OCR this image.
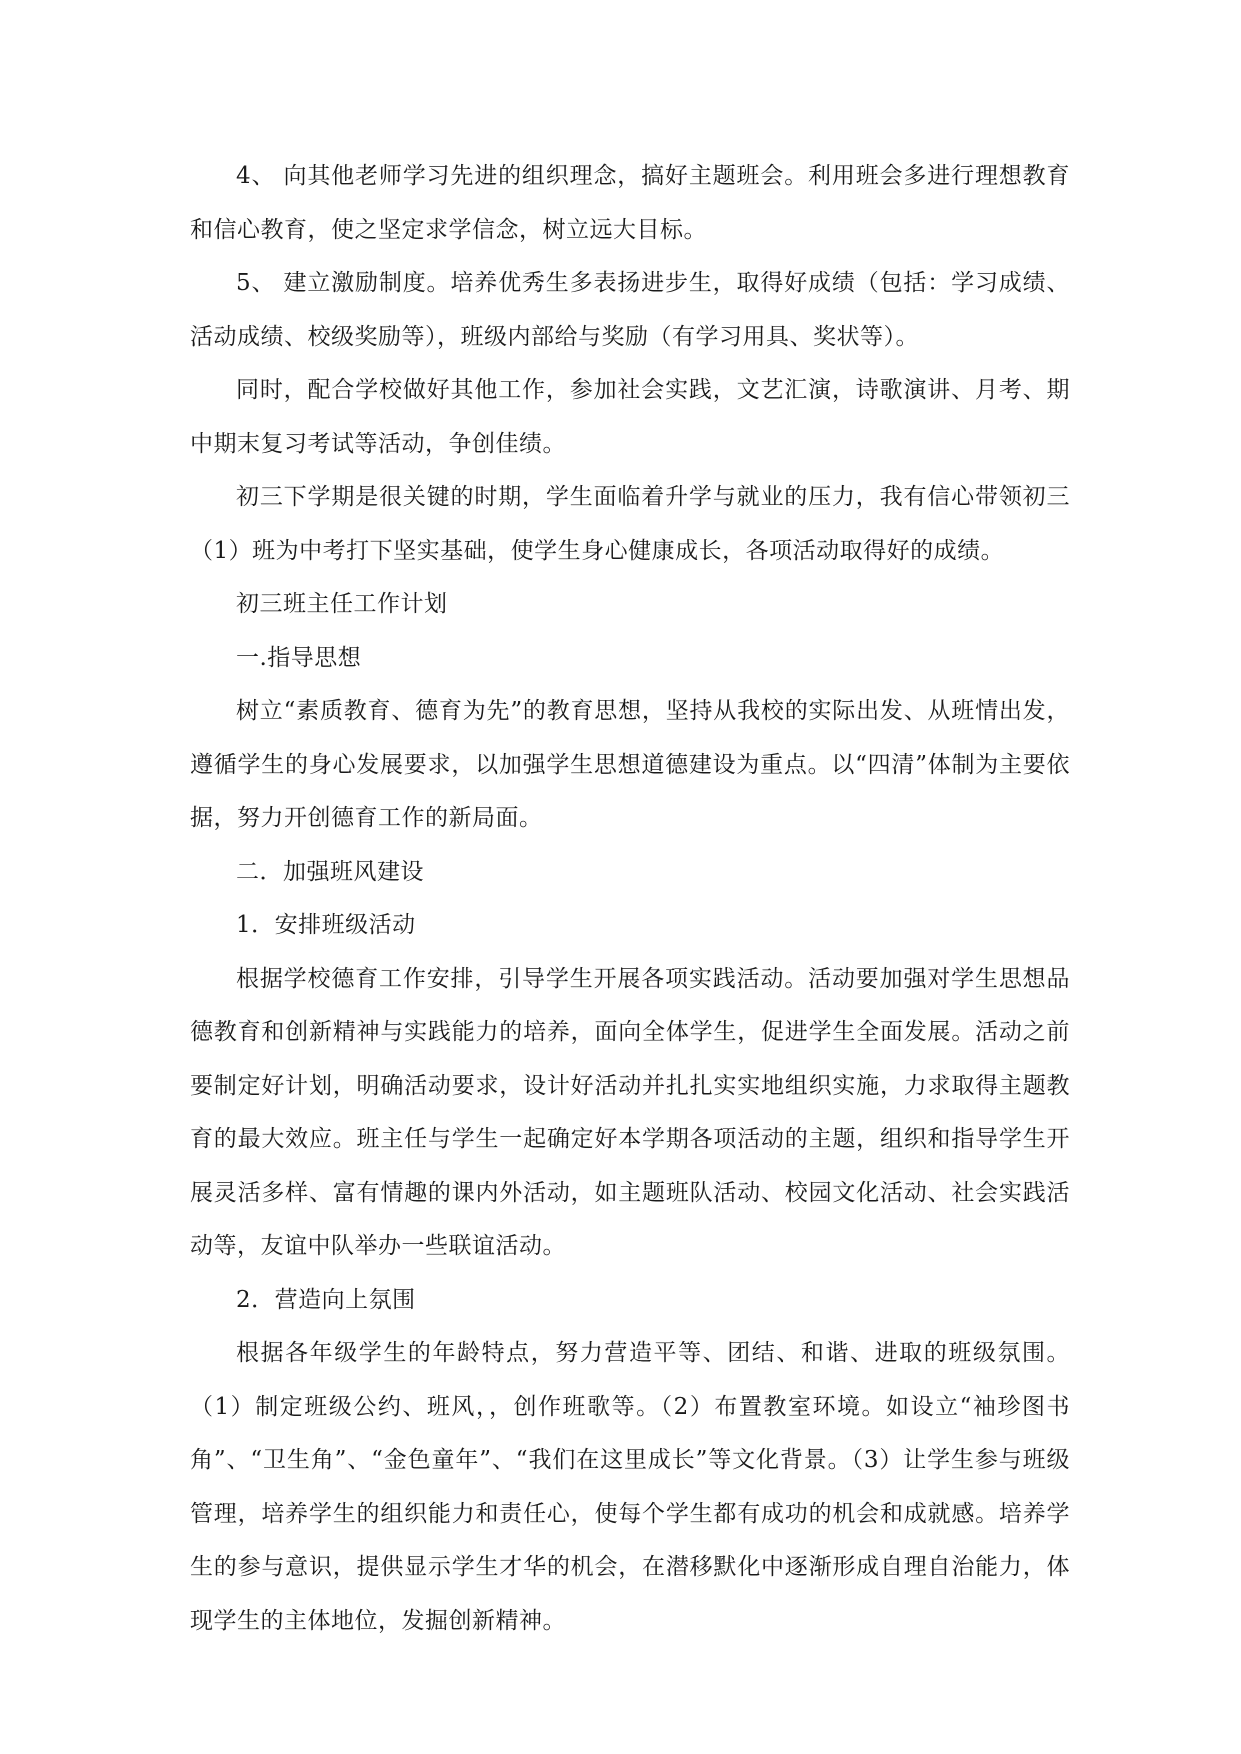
4、 向其他老师学习先进的组织理念，搞好主题班会。利用班会多进行理想教育和信心教育，使之坚定求学信念，树立远大目标。

5、 建立激励制度。培养优秀生多表扬进步生，取得好成绩（包括：学习成绩、活动成绩、校级奖励等），班级内部给与奖励（有学习用具、奖状等）。

同时，配合学校做好其他工作，参加社会实践，文艺汇演，诗歌演讲、月考、期中期末复习考试等活动，争创佳绩。

初三下学期是很关键的时期，学生面临着升学与就业的压力，我有信心带领初三（1）班为中考打下坚实基础，使学生身心健康成长，各项活动取得好的成绩。

初三班主任工作计划

一.指导思想

树立“素质教育、德育为先”的教育思想，坚持从我校的实际出发、从班情出发，遵循学生的身心发展要求，以加强学生思想道德建设为重点。以“四清”体制为主要依据，努力开创德育工作的新局面。

二．加强班风建设

1．安排班级活动

根据学校德育工作安排，引导学生开展各项实践活动。活动要加强对学生思想品德教育和创新精神与实践能力的培养，面向全体学生，促进学生全面发展。活动之前要制定好计划，明确活动要求，设计好活动并扎扎实实地组织实施，力求取得主题教育的最大效应。班主任与学生一起确定好本学期各项活动的主题，组织和指导学生开展灵活多样、富有情趣的课内外活动，如主题班队活动、校园文化活动、社会实践活动等，友谊中队举办一些联谊活动。

2．营造向上氛围

根据各年级学生的年龄特点，努力营造平等、团结、和谐、进取的班级氛围。（1）制定班级公约、班风，，创作班歌等。（2）布置教室环境。如设立“袖珍图书角”、“卫生角”、“金色童年”、“我们在这里成长”等文化背景。（3）让学生参与班级管理，培养学生的组织能力和责任心，使每个学生都有成功的机会和成就感。培养学生的参与意识，提供显示学生才华的机会，在潜移默化中逐渐形成自理自治能力，体现学生的主体地位，发掘创新精神。
